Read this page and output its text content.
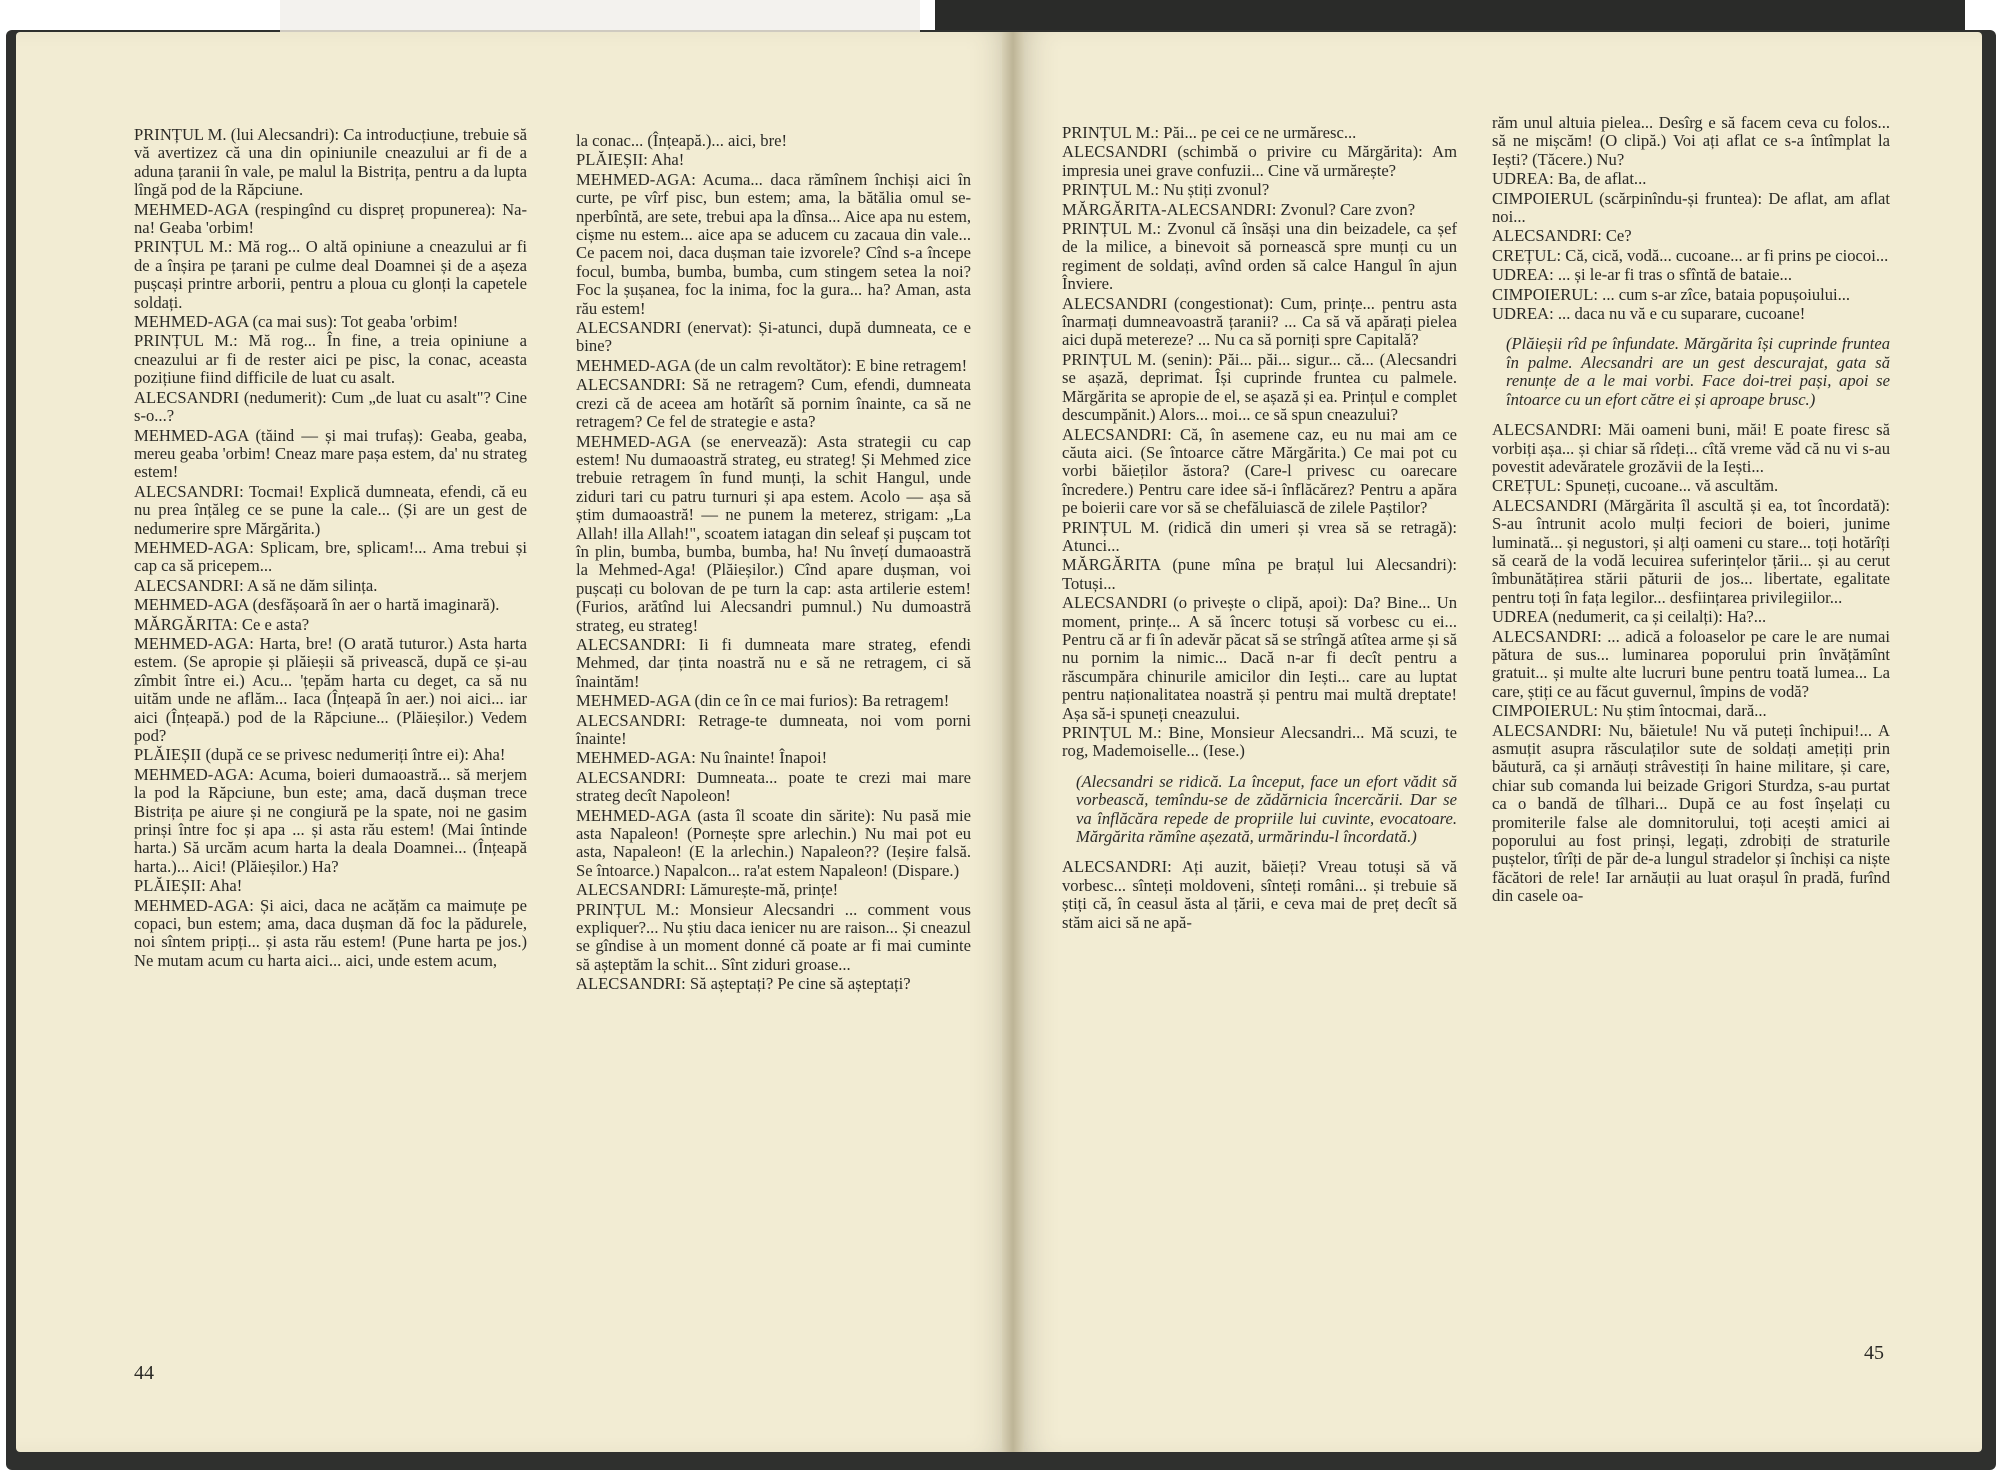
PRINȚUL M. (lui Alecsandri): Ca introducțiune, trebuie să vă avertizez că una din opiniunile cneazului ar fi de a aduna țaranii în vale, pe malul la Bistrița, pentru a da lupta lîngă pod de la Răpciune.

MEHMED-AGA (respingînd cu dispreț propunerea): Na-na! Geaba 'orbim!

PRINȚUL M.: Mă rog... O altă opiniune a cneazului ar fi de a înșira pe țarani pe culme deal Doamnei și de a așeza pușcași printre arborii, pentru a ploua cu glonți la capetele soldați.

MEHMED-AGA (ca mai sus): Tot geaba 'orbim!

PRINȚUL M.: Mă rog... În fine, a treia opiniune a cneazului ar fi de rester aici pe pisc, la conac, aceasta pozițiune fiind difficile de luat cu asalt.

ALECSANDRI (nedumerit): Cum „de luat cu asalt"? Cine s-o...?

MEHMED-AGA (tăind — și mai trufaș): Geaba, geaba, mereu geaba 'orbim! Cneaz mare pașa estem, da' nu strateg estem!

ALECSANDRI: Tocmai! Explică dumneata, efendi, că eu nu prea înțăleg ce se pune la cale... (Și are un gest de nedumerire spre Mărgărita.)

MEHMED-AGA: Splicam, bre, splicam!... Ama trebui și cap ca să pricepem...

ALECSANDRI: A să ne dăm silința.

MEHMED-AGA (desfășoară în aer o hartă imaginară).

MĂRGĂRITA: Ce e asta?

MEHMED-AGA: Harta, bre! (O arată tuturor.) Asta harta estem. (Se apropie și plăieșii să privească, după ce și-au zîmbit între ei.) Acu... 'țepăm harta cu deget, ca să nu uităm unde ne aflăm... Iaca (Înțeapă în aer.) noi aici... iar aici (Înțeapă.) pod de la Răpciune... (Plăieșilor.) Vedem pod?

PLĂIEȘII (după ce se privesc nedumeriți între ei): Aha!

MEHMED-AGA: Acuma, boieri dumaoastră... să merjem la pod la Răpciune, bun este; ama, dacă dușman trece Bistrița pe aiure și ne congiură pe la spate, noi ne gasim prinși între foc și apa ... și asta rău estem! (Mai întinde harta.) Să urcăm acum harta la deala Doamnei... (Înțeapă harta.)... Aici! (Plăieșilor.) Ha?

PLĂIEȘII: Aha!

MEHMED-AGA: Și aici, daca ne acățăm ca maimuțe pe copaci, bun estem; ama, daca dușman dă foc la pădurele, noi sîntem pripți... și asta rău estem! (Pune harta pe jos.) Ne mutam acum cu harta aici... aici, unde estem acum,

la conac... (Înțeapă.)... aici, bre!

PLĂIEȘII: Aha!

MEHMED-AGA: Acuma... daca rămînem închiși aici în curte, pe vîrf pisc, bun estem; ama, la bătălia omul se-nperbîntă, are sete, trebui apa la dînsa... Aice apa nu estem, cișme nu estem... aice apa se aducem cu zacaua din vale... Ce pacem noi, daca dușman taie izvorele? Cînd s-a începe focul, bumba, bumba, bumba, cum stingem setea la noi? Foc la șușanea, foc la inima, foc la gura... ha? Aman, asta rău estem!

ALECSANDRI (enervat): Și-atunci, după dumneata, ce e bine?

MEHMED-AGA (de un calm revoltător): E bine retragem!

ALECSANDRI: Să ne retragem? Cum, efendi, dumneata crezi că de aceea am hotărît să pornim înainte, ca să ne retragem? Ce fel de strategie e asta?

MEHMED-AGA (se enervează): Asta strategii cu cap estem! Nu dumaoastră strateg, eu strateg! Și Mehmed zice trebuie retragem în fund munți, la schit Hangul, unde ziduri tari cu patru turnuri și apa estem. Acolo — așa să știm dumaoastră! — ne punem la meterez, strigam: „La Allah! illa Allah!", scoatem iatagan din seleaf și pușcam tot în plin, bumba, bumba, bumba, ha! Nu învețí dumaoastră la Mehmed-Aga! (Plăieșilor.) Cînd apare dușman, voi pușcați cu bolovan de pe turn la cap: asta artilerie estem! (Furios, arătînd lui Alecsandri pumnul.) Nu dumoastră strateg, eu strateg!

ALECSANDRI: Ii fi dumneata mare strateg, efendi Mehmed, dar ținta noastră nu e să ne retragem, ci să înaintăm!

MEHMED-AGA (din ce în ce mai furios): Ba retragem!

ALECSANDRI: Retrage-te dumneata, noi vom porni înainte!

MEHMED-AGA: Nu înainte! Înapoi!

ALECSANDRI: Dumneata... poate te crezi mai mare strateg decît Napoleon!

MEHMED-AGA (asta îl scoate din sărite): Nu pasă mie asta Napaleon! (Pornește spre arlechin.) Nu mai pot eu asta, Napaleon! (E la arlechin.) Napaleon?? (Ieșire falsă. Se întoarce.) Napalcon... ra'at estem Napaleon! (Dispare.)

ALECSANDRI: Lămurește-mă, prințe!

PRINȚUL M.: Monsieur Alecsandri ... comment vous expliquer?... Nu știu daca ienicer nu are raison... Și cneazul se gîndise à un moment donné că poate ar fi mai cuminte să așteptăm la schit... Sînt ziduri groase...

ALECSANDRI: Să așteptați? Pe cine să așteptați?

44

PRINȚUL M.: Păi... pe cei ce ne urmăresc...

ALECSANDRI (schimbă o privire cu Mărgărita): Am impresia unei grave confuzii... Cine vă urmărește?

PRINȚUL M.: Nu știți zvonul?

MĂRGĂRITA-ALECSANDRI: Zvonul? Care zvon?

PRINȚUL M.: Zvonul că însăși una din beizadele, ca șef de la milice, a binevoit să pornească spre munți cu un regiment de soldați, avînd orden să calce Hangul în ajun Înviere.

ALECSANDRI (congestionat): Cum, prințe... pentru asta înarmați dumneavoastră țaranii? ... Ca să vă apărați pielea aici după metereze? ... Nu ca să porniți spre Capitală?

PRINȚUL M. (senin): Păi... păi... sigur... că... (Alecsandri se așază, deprimat. Își cuprinde fruntea cu palmele. Mărgărita se apropie de el, se așază și ea. Prințul e complet descumpănit.) Alors... moi... ce să spun cneazului?

ALECSANDRI: Că, în asemene caz, eu nu mai am ce căuta aici. (Se întoarce către Mărgărita.) Ce mai pot cu vorbi băieților ăstora? (Care-l privesc cu oarecare încredere.) Pentru care idee să-i înflăcărez? Pentru a apăra pe boierii care vor să se chefăluiască de zilele Paștilor?

PRINȚUL M. (ridică din umeri și vrea să se retragă): Atunci...

MĂRGĂRITA (pune mîna pe brațul lui Alecsandri): Totuși...

ALECSANDRI (o privește o clipă, apoi): Da? Bine... Un moment, prințe... A să încerc totuși să vorbesc cu ei... Pentru că ar fi în adevăr păcat să se strîngă atîtea arme și să nu pornim la nimic... Dacă n-ar fi decît pentru a răscumpăra chinurile amicilor din Iești... care au luptat pentru naționalitatea noastră și pentru mai multă dreptate! Așa să-i spuneți cneazului.

PRINȚUL M.: Bine, Monsieur Alecsandri... Mă scuzi, te rog, Mademoiselle... (Iese.)

(Alecsandri se ridică. La început, face un efort vădit să vorbească, temîndu-se de zădărnicia încercării. Dar se va înflăcăra repede de propriile lui cuvinte, evocatoare. Mărgărita rămîne așezată, urmărindu-l încordată.)

ALECSANDRI: Ați auzit, băieți? Vreau totuși să vă vorbesc... sînteți moldoveni, sînteți români... și trebuie să știți că, în ceasul ăsta al țării, e ceva mai de preț decît să stăm aici să ne apă-

răm unul altuia pielea... Desîrg e să facem ceva cu folos... să ne mișcăm! (O clipă.) Voi ați aflat ce s-a întîmplat la Iești? (Tăcere.) Nu?

UDREA: Ba, de aflat...

CIMPOIERUL (scărpinîndu-și fruntea): De aflat, am aflat noi...

ALECSANDRI: Ce?

CREȚUL: Că, cică, vodă... cucoane... ar fi prins pe ciocoi...

UDREA: ... și le-ar fi tras o sfîntă de bataie...

CIMPOIERUL: ... cum s-ar zîce, bataia popușoiului...

UDREA: ... daca nu vă e cu suparare, cucoane!

(Plăieșii rîd pe înfundate. Mărgărita își cuprinde fruntea în palme. Alecsandri are un gest descurajat, gata să renunțe de a le mai vorbi. Face doi-trei pași, apoi se întoarce cu un efort către ei și aproape brusc.)

ALECSANDRI: Măi oameni buni, măi! E poate firesc să vorbiți așa... și chiar să rîdeți... cîtă vreme văd că nu vi s-au povestit adevăratele grozăvii de la Iești...

CREȚUL: Spuneți, cucoane... vă ascultăm.

ALECSANDRI (Mărgărita îl ascultă și ea, tot încordată): S-au întrunit acolo mulți feciori de boieri, junime luminată... și negustori, și alți oameni cu stare... toți hotărîți să ceară de la vodă lecuirea suferințelor țării... și au cerut îmbunătățirea stării păturii de jos... libertate, egalitate pentru toți în fața legilor... desființarea privilegiilor...

UDREA (nedumerit, ca și ceilalți): Ha?...

ALECSANDRI: ... adică a foloaselor pe care le are numai pătura de sus... luminarea poporului prin învățămînt gratuit... și multe alte lucruri bune pentru toată lumea... La care, știți ce au făcut guvernul, împins de vodă?

CIMPOIERUL: Nu știm întocmai, dară...

ALECSANDRI: Nu, băietule! Nu vă puteți închipui!... A asmuțit asupra răsculaților sute de soldați amețiți prin băutură, ca și arnăuți strâvestiți în haine militare, și care, chiar sub comanda lui beizade Grigori Sturdza, s-au purtat ca o bandă de tîlhari... După ce au fost înșelați cu promiterile false ale domnitorului, toți acești amici ai poporului au fost prinși, legați, zdrobiți de straturile puștelor, tîrîți de păr de-a lungul stradelor și închiși ca niște făcători de rele! Iar arnăuții au luat orașul în pradă, furînd din casele oa-

45
